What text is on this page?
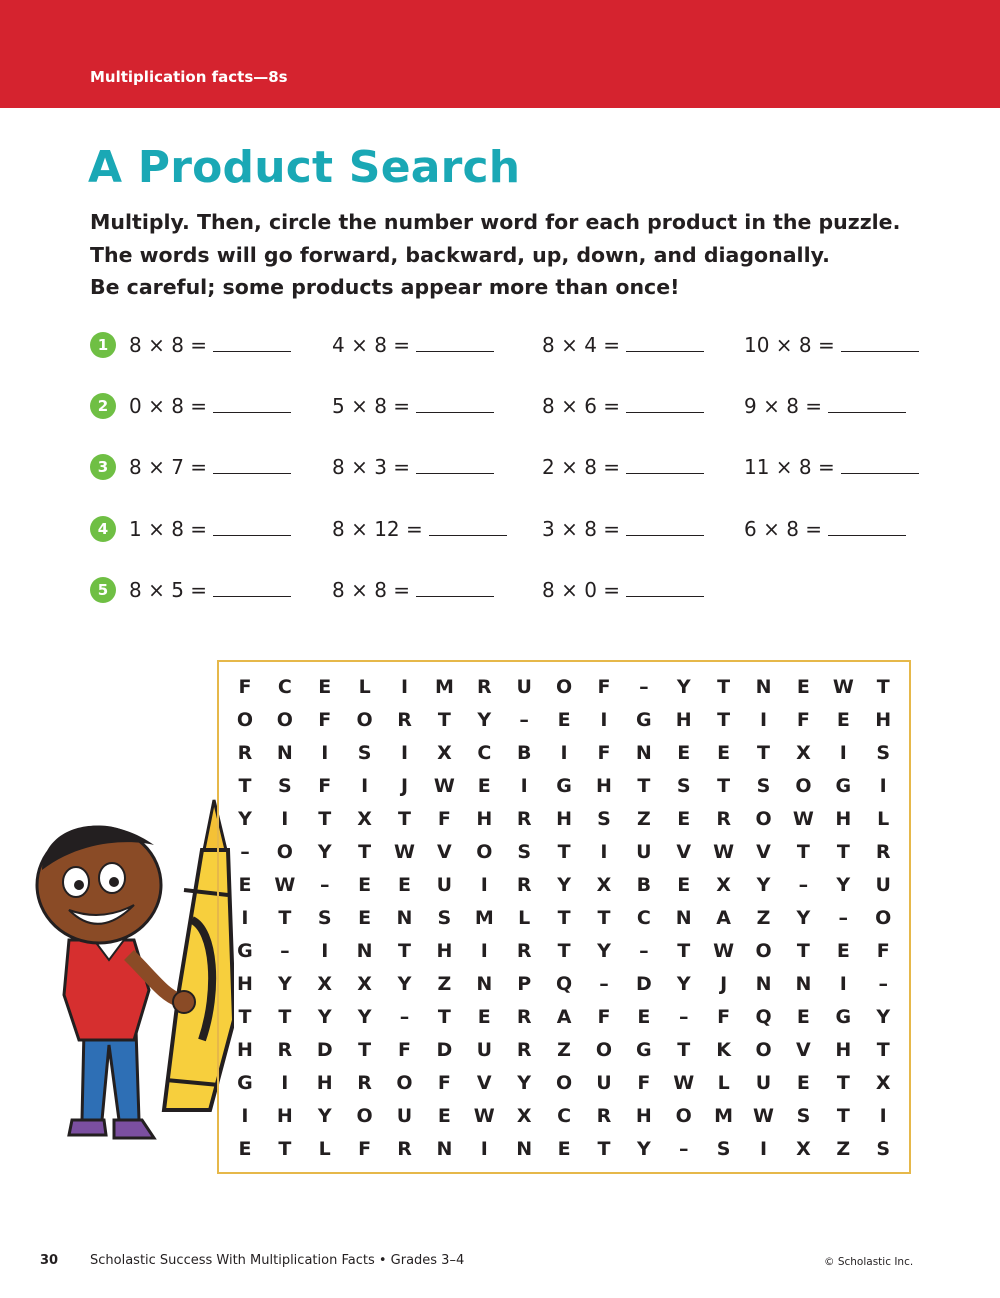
Multiplication facts—8s
A Product Search
Multiply. Then, circle the number word for each product in the puzzle.
The words will go forward, backward, up, down, and diagonally.
Be careful; some products appear more than once!
1	8 × 8 =	4 × 8 =	8 × 4 =	10 × 8 =
2	0 × 8 =	5 × 8 =	8 × 6 =	9 × 8 =
3	8 × 7 =	8 × 3 =	2 × 8 =	11 × 8 =
4	1 × 8 =	8 × 12 =	3 × 8 =	6 × 8 =
5	8 × 5 =	8 × 8 =	8 × 0 =
F	C	E	L	I	M	R	U	O	F	–	Y	T	N	E	W	T
O	O	F	O	R	T	Y	–	E	I	G	H	T	I	F	E	H
R	N	I	S	I	X	C	B	I	F	N	E	E	T	X	I	S
T	S	F	I	J	W	E	I	G	H	T	S	T	S	O	G	I
Y	I	T	X	T	F	H	R	H	S	Z	E	R	O	W	H	L
–	O	Y	T	W	V	O	S	T	I	U	V	W	V	T	T	R
E	W	–	E	E	U	I	R	Y	X	B	E	X	Y	–	Y	U
I	T	S	E	N	S	M	L	T	T	C	N	A	Z	Y	–	O
G	–	I	N	T	H	I	R	T	Y	–	T	W	O	T	E	F
H	Y	X	X	Y	Z	N	P	Q	–	D	Y	J	N	N	I	–
T	T	Y	Y	–	T	E	R	A	F	E	–	F	Q	E	G	Y
H	R	D	T	F	D	U	R	Z	O	G	T	K	O	V	H	T
G	I	H	R	O	F	V	Y	O	U	F	W	L	U	E	T	X
I	H	Y	O	U	E	W	X	C	R	H	O	M	W	S	T	I
E	T	L	F	R	N	I	N	E	T	Y	–	S	I	X	Z	S
30 Scholastic Success With Multiplication Facts • Grades 3–4	© Scholastic Inc.
